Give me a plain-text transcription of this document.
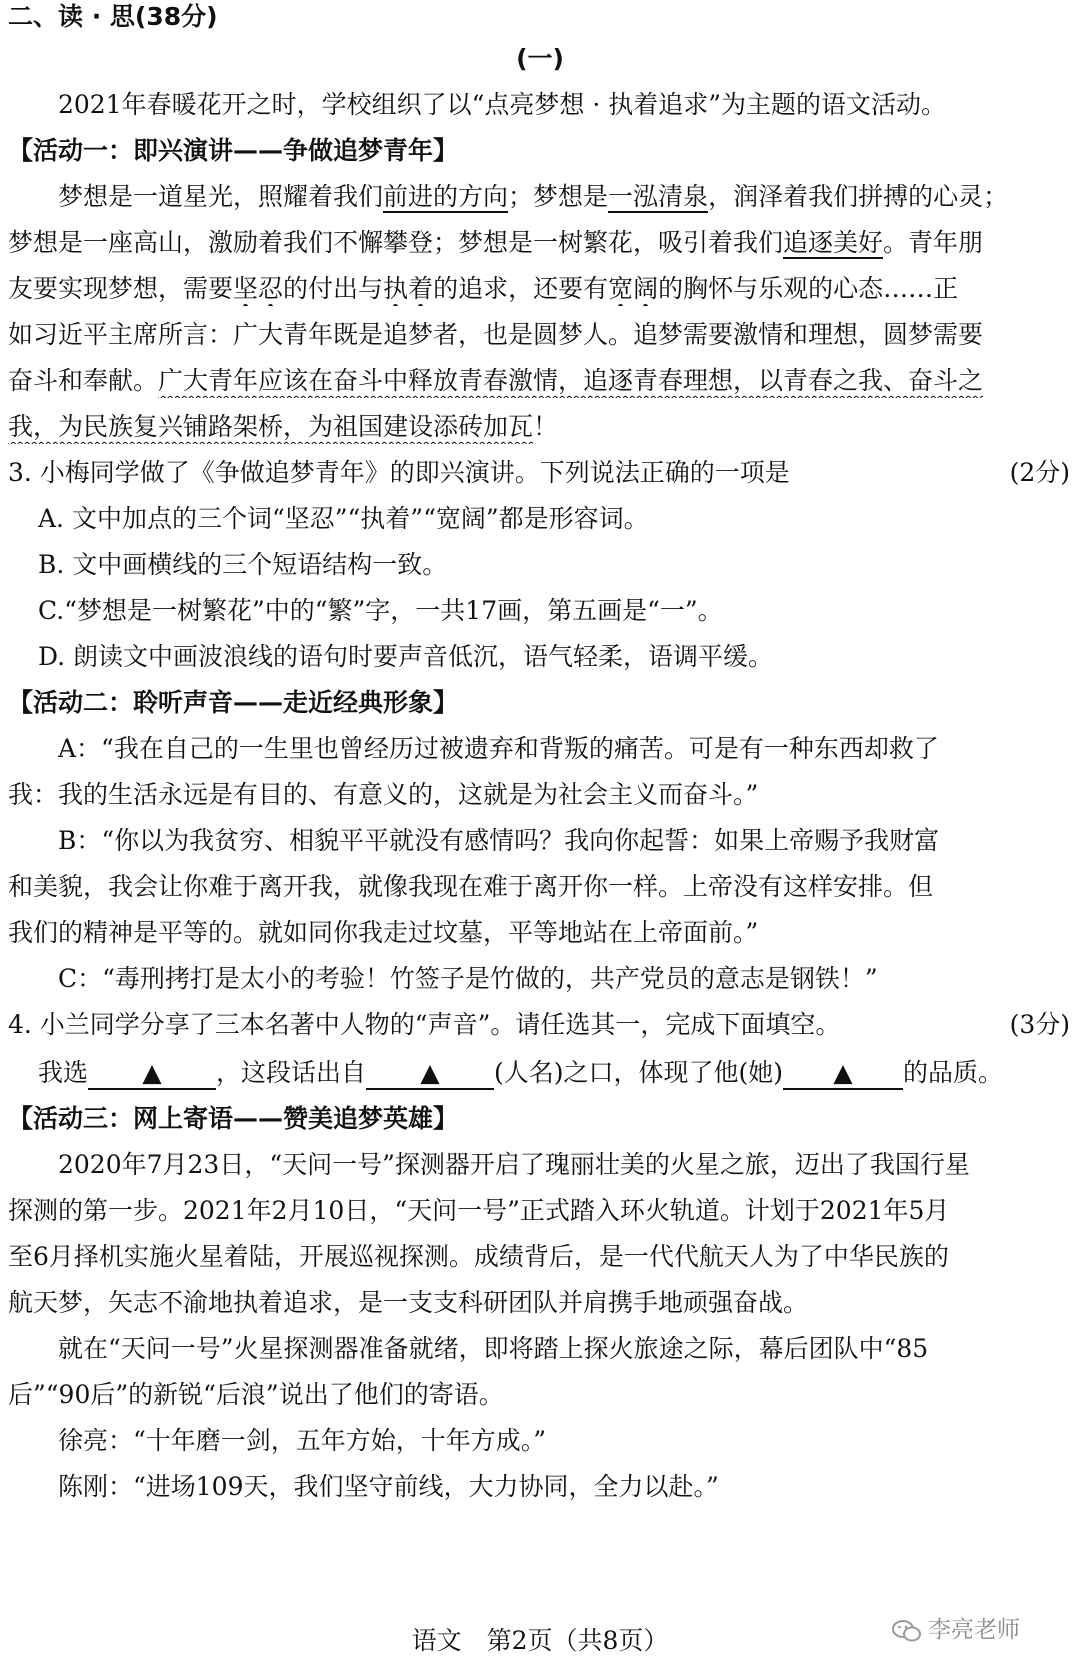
二、读 · 思(38分)
(一)
2021年春暖花开之时，学校组织了以“点亮梦想 · 执着追求”为主题的语文活动。
【活动一：即兴演讲——争做追梦青年】
梦想是一道星光，照耀着我们前进的方向；梦想是一泓清泉，润泽着我们拼搏的心灵；
梦想是一座高山，激励着我们不懈攀登；梦想是一树繁花，吸引着我们追逐美好。青年朋
友要实现梦想，需要坚忍的付出与执着的追求，还要有宽阔的胸怀与乐观的心态……正
如习近平主席所言：广大青年既是追梦者，也是圆梦人。追梦需要激情和理想，圆梦需要
奋斗和奉献。广大青年应该在奋斗中释放青春激情，追逐青春理想，以青春之我、奋斗之
我，为民族复兴铺路架桥，为祖国建设添砖加瓦！
3. 小梅同学做了《争做追梦青年》的即兴演讲。下列说法正确的一项是	(2分)
A. 文中加点的三个词“坚忍”“执着”“宽阔”都是形容词。
B. 文中画横线的三个短语结构一致。
C.“梦想是一树繁花”中的“繁”字，一共17画，第五画是“一”。
D. 朗读文中画波浪线的语句时要声音低沉，语气轻柔，语调平缓。
【活动二：聆听声音——走近经典形象】
A：“我在自己的一生里也曾经历过被遗弃和背叛的痛苦。可是有一种东西却救了
我：我的生活永远是有目的、有意义的，这就是为社会主义而奋斗。”
B：“你以为我贫穷、相貌平平就没有感情吗？我向你起誓：如果上帝赐予我财富
和美貌，我会让你难于离开我，就像我现在难于离开你一样。上帝没有这样安排。但
我们的精神是平等的。就如同你我走过坟墓，平等地站在上帝面前。”
C：“毒刑拷打是太小的考验！竹签子是竹做的，共产党员的意志是钢铁！”
4. 小兰同学分享了三本名著中人物的“声音”。请任选其一，完成下面填空。	(3分)
我选 ▲ ，这段话出自 ▲ (人名)之口，体现了他(她) ▲ 的品质。
【活动三：网上寄语——赞美追梦英雄】
2020年7月23日，“天问一号”探测器开启了瑰丽壮美的火星之旅，迈出了我国行星
探测的第一步。2021年2月10日，“天问一号”正式踏入环火轨道。计划于2021年5月
至6月择机实施火星着陆，开展巡视探测。成绩背后，是一代代航天人为了中华民族的
航天梦，矢志不渝地执着追求，是一支支科研团队并肩携手地顽强奋战。
就在“天问一号”火星探测器准备就绪，即将踏上探火旅途之际，幕后团队中“85
后”“90后”的新锐“后浪”说出了他们的寄语。
徐亮：“十年磨一剑，五年方始，十年方成。”
陈刚：“进场109天，我们坚守前线，大力协同，全力以赴。”
语文　第2页（共8页）	李亮老师
